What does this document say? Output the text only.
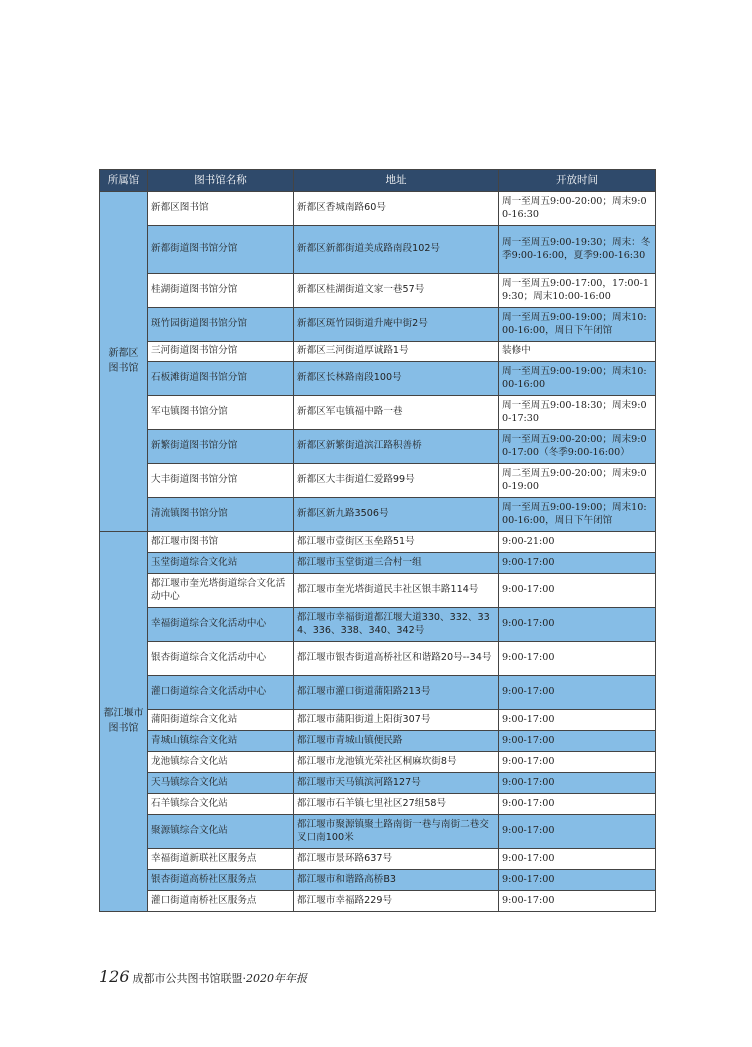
所属馆	图书馆名称	地址	开放时间

新都区
图书馆	新都区图书馆	新都区香城南路60号	周一至周五9:00-20:00；周末9:00-16:30
	新都街道图书馆分馆	新都区新都街道美成路南段102号	周一至周五9:00-19:30；周末：冬季9:00-16:00，夏季9:00-16:30
	桂湖街道图书馆分馆	新都区桂湖街道文家一巷57号	周一至周五9:00-17:00，17:00-19:30；周末10:00-16:00
	斑竹园街道图书馆分馆	新都区斑竹园街道升庵中街2号	周一至周五9:00-19:00；周末10:00-16:00，周日下午闭馆
	三河街道图书馆分馆	新都区三河街道厚诚路1号	装修中
	石板滩街道图书馆分馆	新都区长林路南段100号	周一至周五9:00-19:00；周末10:00-16:00
	军屯镇图书馆分馆	新都区军屯镇福中路一巷	周一至周五9:00-18:30；周末9:00-17:30
	新繁街道图书馆分馆	新都区新繁街道滨江路积善桥	周一至周五9:00-20:00；周末9:00-17:00（冬季9:00-16:00）
	大丰街道图书馆分馆	新都区大丰街道仁爱路99号	周二至周五9:00-20:00；周末9:00-19:00
	清流镇图书馆分馆	新都区新九路3506号	周一至周五9:00-19:00；周末10:00-16:00，周日下午闭馆

都江堰市
图书馆	都江堰市图书馆	都江堰市壹街区玉垒路51号	9:00-21:00
	玉堂街道综合文化站	都江堰市玉堂街道三合村一组	9:00-17:00
	都江堰市奎光塔街道综合文化活动中心	都江堰市奎光塔街道民丰社区银丰路114号	9:00-17:00
	幸福街道综合文化活动中心	都江堰市幸福街道都江堰大道330、332、334、336、338、340、342号	9:00-17:00
	银杏街道综合文化活动中心	都江堰市银杏街道高桥社区和谐路20号--34号	9:00-17:00
	灌口街道综合文化活动中心	都江堰市灌口街道蒲阳路213号	9:00-17:00
	蒲阳街道综合文化站	都江堰市蒲阳街道上阳街307号	9:00-17:00
	青城山镇综合文化站	都江堰市青城山镇便民路	9:00-17:00
	龙池镇综合文化站	都江堰市龙池镇光荣社区桐麻坎街8号	9:00-17:00
	天马镇综合文化站	都江堰市天马镇滨河路127号	9:00-17:00
	石羊镇综合文化站	都江堰市石羊镇七里社区27组58号	9:00-17:00
	聚源镇综合文化站	都江堰市聚源镇聚土路南街一巷与南街二巷交叉口南100米	9:00-17:00
	幸福街道新联社区服务点	都江堰市景环路637号	9:00-17:00
	银杏街道高桥社区服务点	都江堰市和谐路高桥B3	9:00-17:00
	灌口街道南桥社区服务点	都江堰市幸福路229号	9:00-17:00
126 成都市公共图书馆联盟·2020年年报
